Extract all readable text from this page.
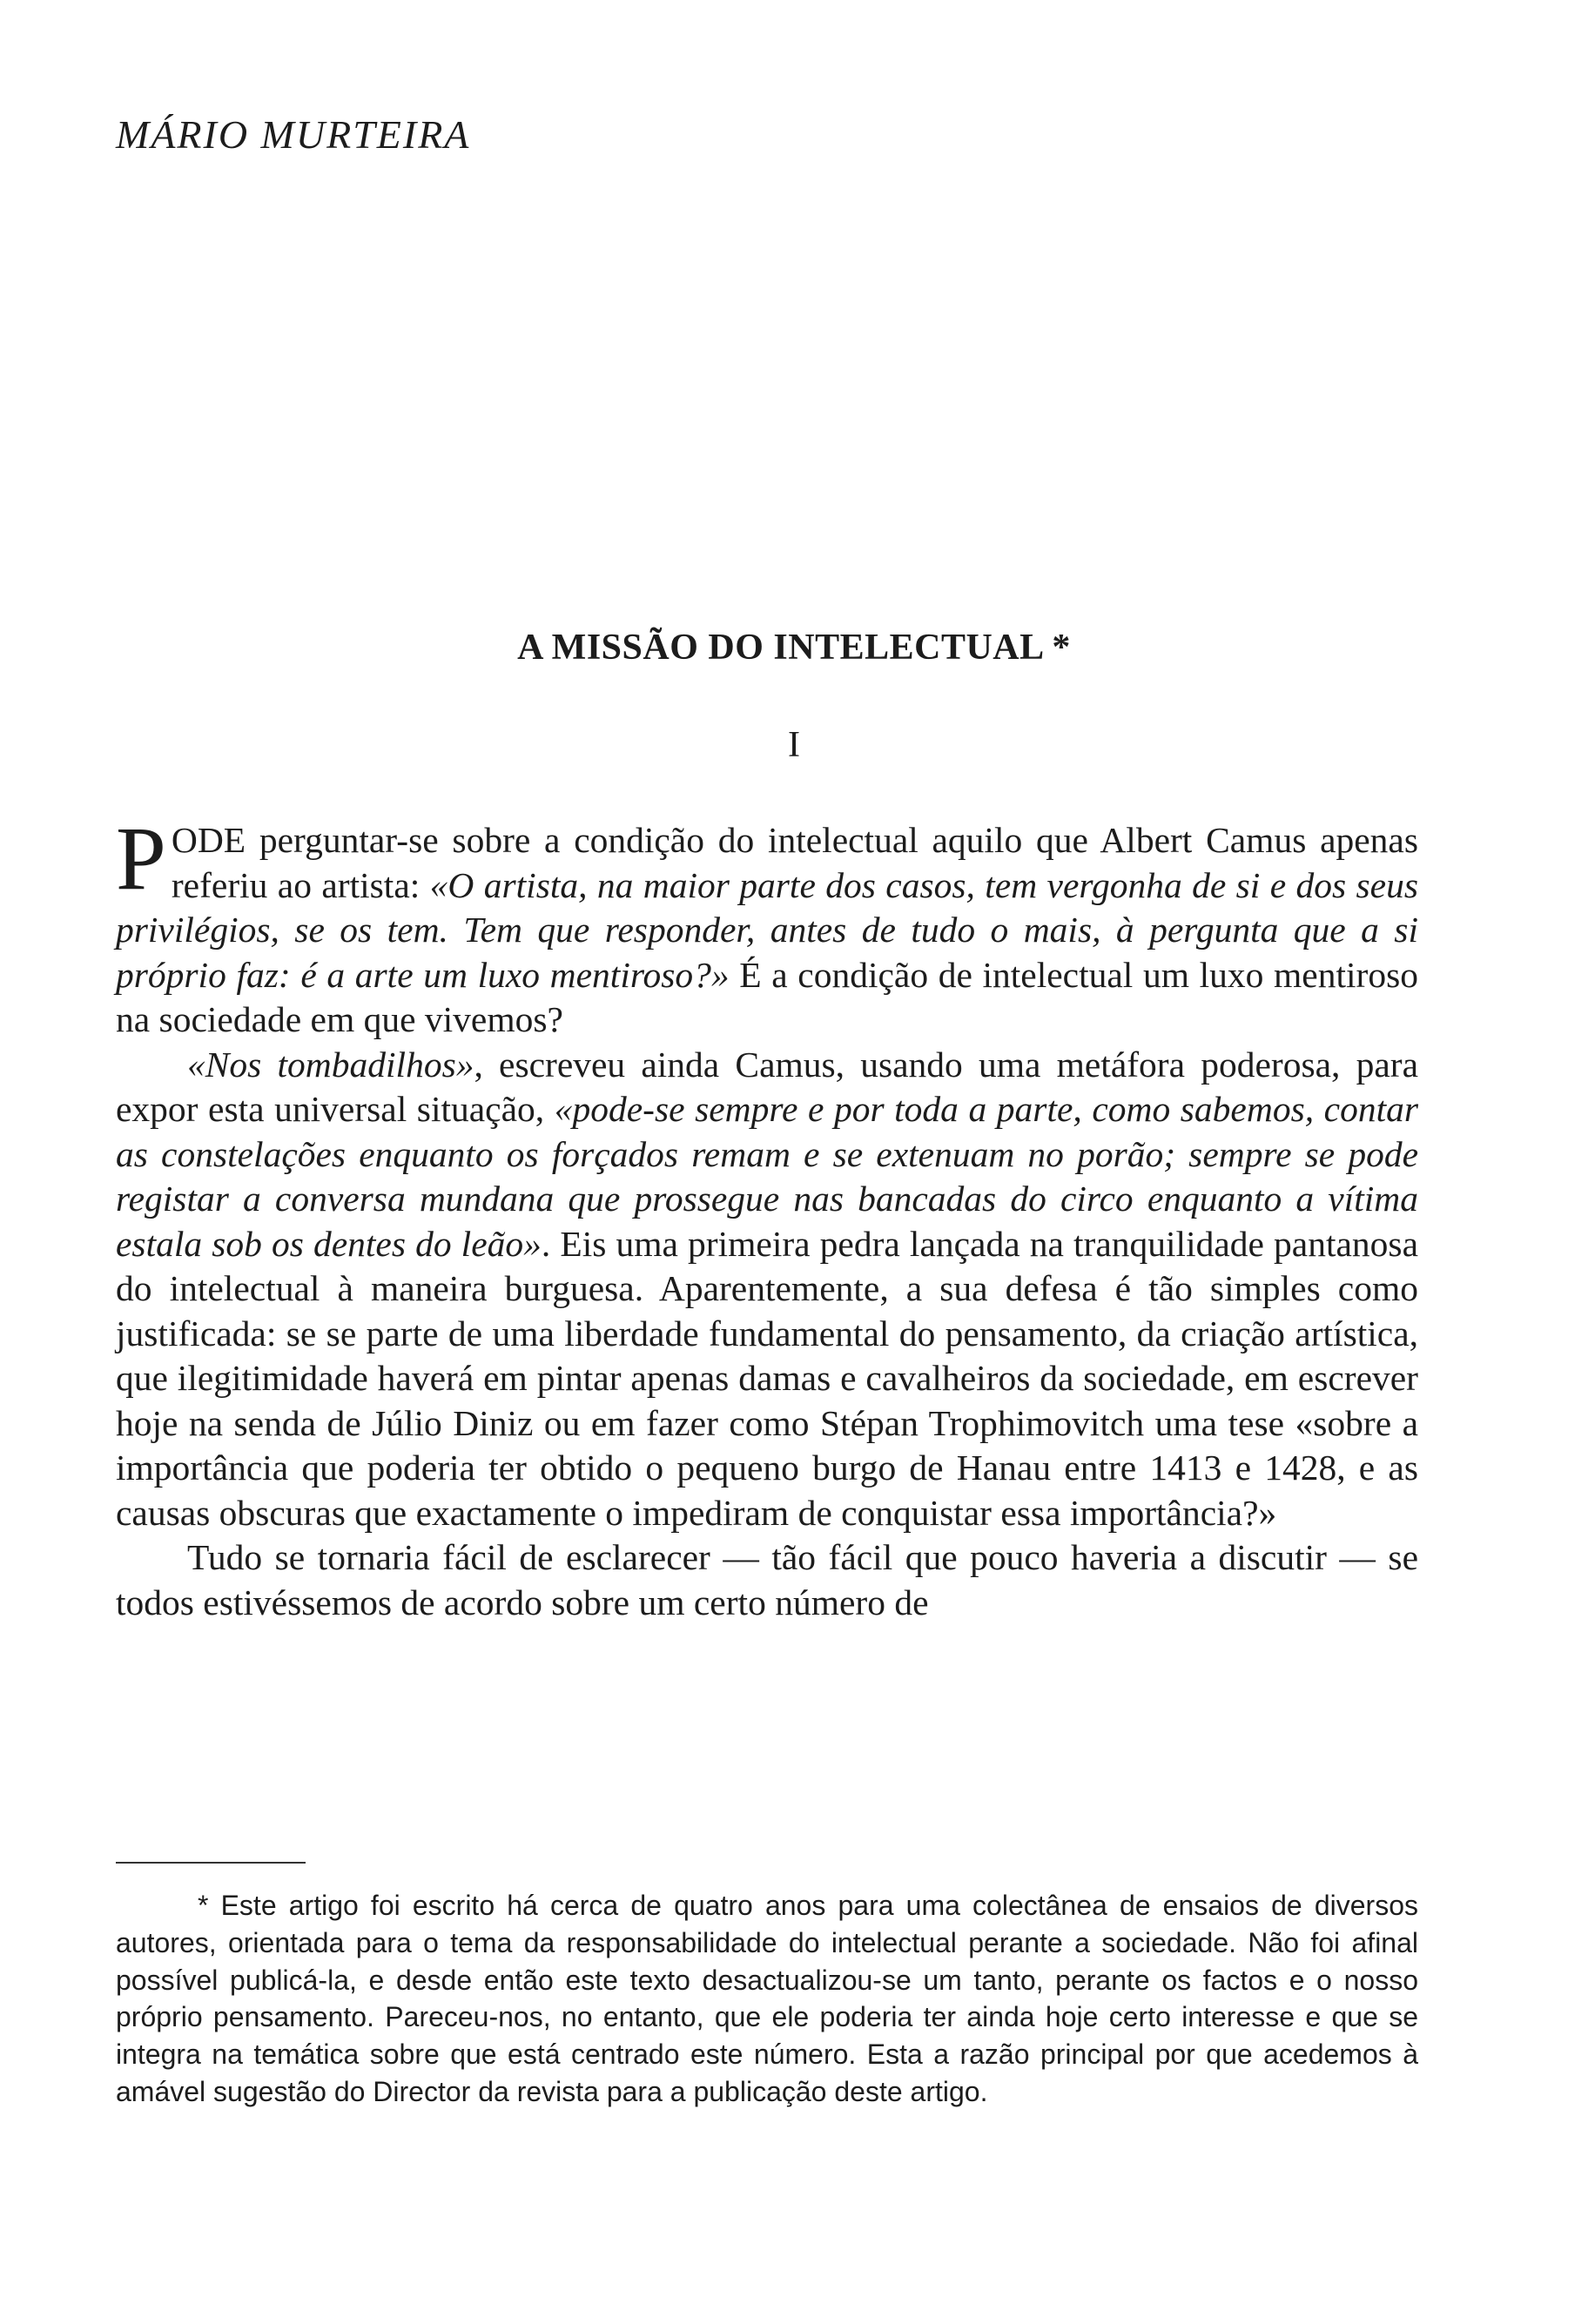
MÁRIO MURTEIRA
A MISSÃO DO INTELECTUAL *
I

PODE perguntar-se sobre a condição do intelectual aquilo que Albert Camus apenas referiu ao artista: «O artista, na maior parte dos casos, tem vergonha de si e dos seus privilégios, se os tem. Tem que responder, antes de tudo o mais, à pergunta que a si próprio faz: é a arte um luxo mentiroso?» É a condição de intelectual um luxo mentiroso na sociedade em que vivemos?

«Nos tombadilhos», escreveu ainda Camus, usando uma metáfora poderosa, para expor esta universal situação, «pode-se sempre e por toda a parte, como sabemos, contar as constelações enquanto os forçados remam e se extenuam no porão; sempre se pode registar a conversa mundana que prossegue nas bancadas do circo enquanto a vítima estala sob os dentes do leão». Eis uma primeira pedra lançada na tranquilidade pantanosa do intelectual à maneira burguesa. Aparentemente, a sua defesa é tão simples como justificada: se se parte de uma liberdade fundamental do pensamento, da criação artística, que ilegitimidade haverá em pintar apenas damas e cavalheiros da sociedade, em escrever hoje na senda de Júlio Diniz ou em fazer como Stépan Trophimovitch uma tese «sobre a importância que poderia ter obtido o pequeno burgo de Hanau entre 1413 e 1428, e as causas obscuras que exactamente o impediram de conquistar essa importância?»

Tudo se tornaria fácil de esclarecer — tão fácil que pouco haveria a discutir — se todos estivéssemos de acordo sobre um certo número de

* Este artigo foi escrito há cerca de quatro anos para uma colectânea de ensaios de diversos autores, orientada para o tema da responsabilidade do intelectual perante a sociedade. Não foi afinal possível publicá-la, e desde então este texto desactualizou-se um tanto, perante os factos e o nosso próprio pensamento. Pareceu-nos, no entanto, que ele poderia ter ainda hoje certo interesse e que se integra na temática sobre que está centrado este número. Esta a razão principal por que acedemos à amável sugestão do Director da revista para a publicação deste artigo.
